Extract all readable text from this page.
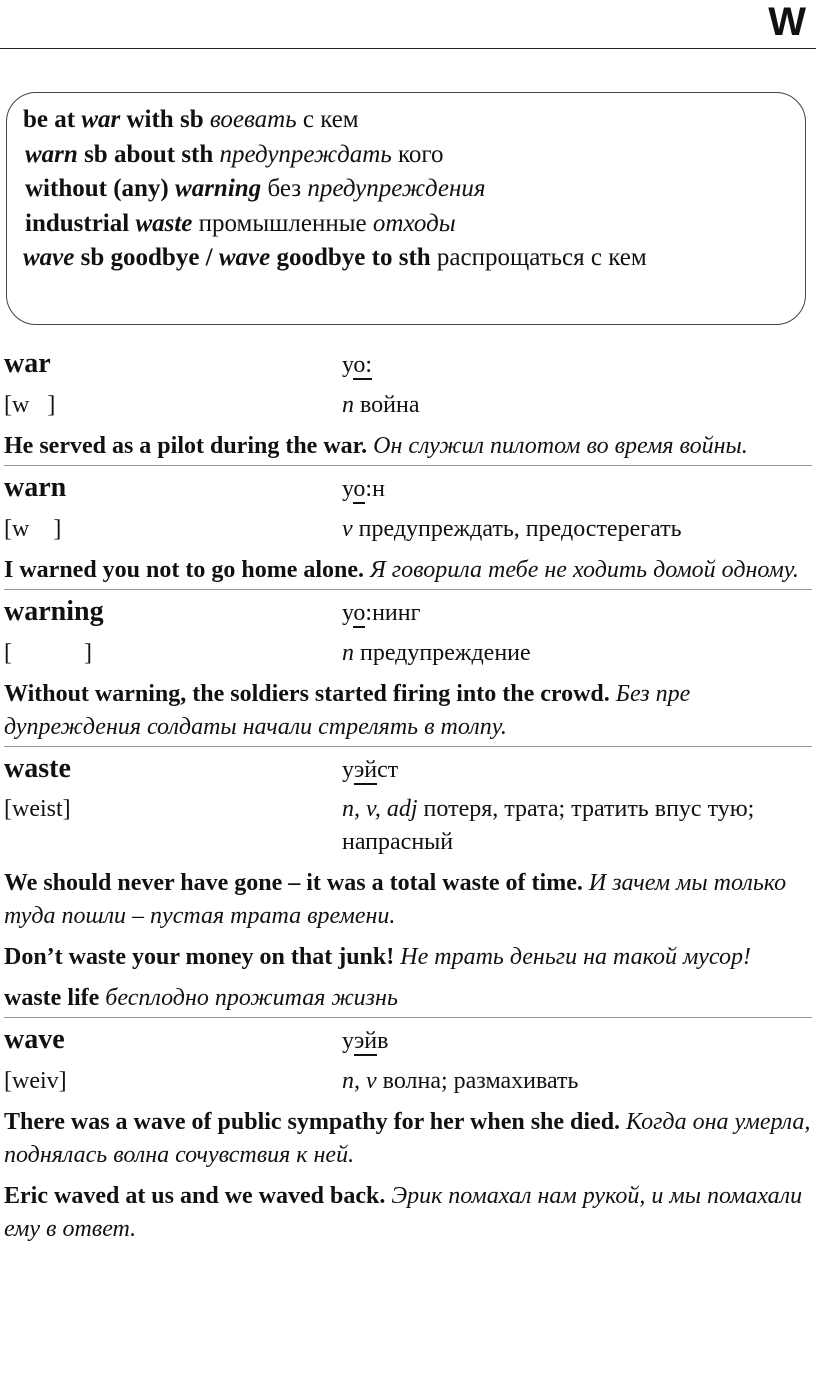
W
be at war with sb воевать с кем
warn sb about sth предупреждать кого
without (any) warning без предупреждения
industrial waste промышленные отходы
wave sb goodbye / wave goodbye to sth распрощаться с кем
war	уо:
[w   ]	n война
He served as a pilot during the war. Он служил пилотом во время войны.
warn	уо:н
[w    ]	v предупреждать, предостерегать
I warned you not to go home alone. Я говорила тебе не ходить домой одному.
warning	уо:нинг
[            ]	n предупреждение
Without warning, the soldiers started firing into the crowd. Без пре дупреждения солдаты начали стрелять в толпу.
waste	уэйст
[weist]	n, v, adj потеря, трата; тратить впус тую; напрасный
We should never have gone – it was a total waste of time. И зачем мы только туда пошли – пустая трата времени.
Don’t waste your money on that junk! Не трать деньги на такой мусор!
waste life бесплодно прожитая жизнь
wave	уэйв
[weiv]	n, v волна; размахивать
There was a wave of public sympathy for her when she died. Когда она умерла, поднялась волна сочувствия к ней.
Eric waved at us and we waved back. Эрик помахал нам рукой, и мы помахали ему в ответ.
